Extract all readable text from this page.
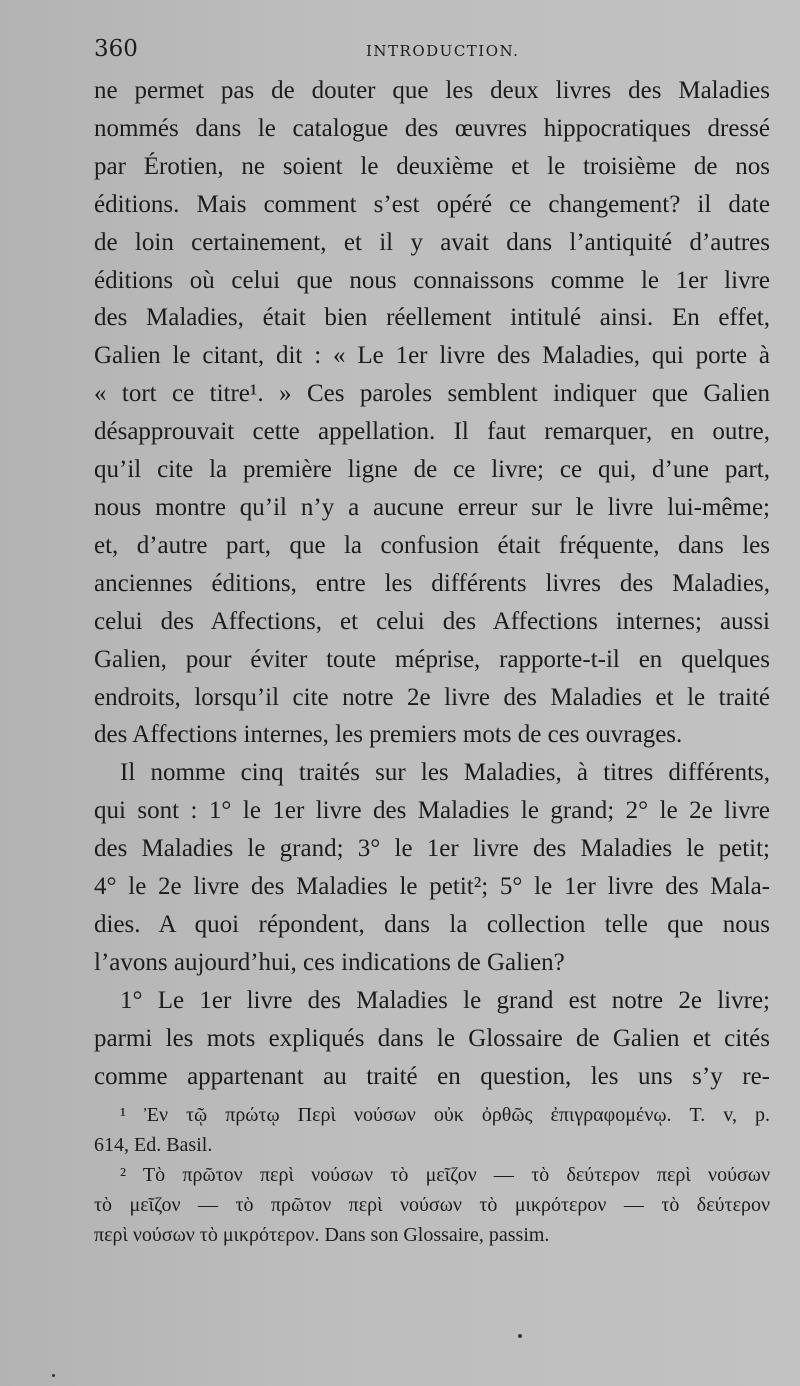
360	INTRODUCTION.
ne permet pas de douter que les deux livres des Maladies
nommés dans le catalogue des œuvres hippocratiques dressé
par Érotien, ne soient le deuxième et le troisième de nos
éditions. Mais comment s’est opéré ce changement? il date
de loin certainement, et il y avait dans l’antiquité d’autres
éditions où celui que nous connaissons comme le 1er livre
des Maladies, était bien réellement intitulé ainsi. En effet,
Galien le citant, dit : « Le 1er livre des Maladies, qui porte à
« tort ce titre¹. » Ces paroles semblent indiquer que Galien
désapprouvait cette appellation. Il faut remarquer, en outre,
qu’il cite la première ligne de ce livre; ce qui, d’une part,
nous montre qu’il n’y a aucune erreur sur le livre lui-même;
et, d’autre part, que la confusion était fréquente, dans les
anciennes éditions, entre les différents livres des Maladies,
celui des Affections, et celui des Affections internes; aussi
Galien, pour éviter toute méprise, rapporte-t-il en quelques
endroits, lorsqu’il cite notre 2e livre des Maladies et le traité
des Affections internes, les premiers mots de ces ouvrages.
Il nomme cinq traités sur les Maladies, à titres différents,
qui sont : 1° le 1er livre des Maladies le grand; 2° le 2e livre
des Maladies le grand; 3° le 1er livre des Maladies le petit;
4° le 2e livre des Maladies le petit²; 5° le 1er livre des Mala-
dies. A quoi répondent, dans la collection telle que nous
l’avons aujourd’hui, ces indications de Galien?
1° Le 1er livre des Maladies le grand est notre 2e livre;
parmi les mots expliqués dans le Glossaire de Galien et cités
comme appartenant au traité en question, les uns s’y re-
¹ Ἐν τῷ πρώτῳ Περὶ νούσων οὐκ ὀρθῶς ἐπιγραφομένῳ. T. v, p.
614, Ed. Basil.
² Τὸ πρῶτον περὶ νούσων τὸ μεῖζον — τὸ δεύτερον περὶ νούσων
τὸ μεῖζον — τὸ πρῶτον περὶ νούσων τὸ μικρότερον — τὸ δεύτερον
περὶ νούσων τὸ μικρότερον. Dans son Glossaire, passim.
